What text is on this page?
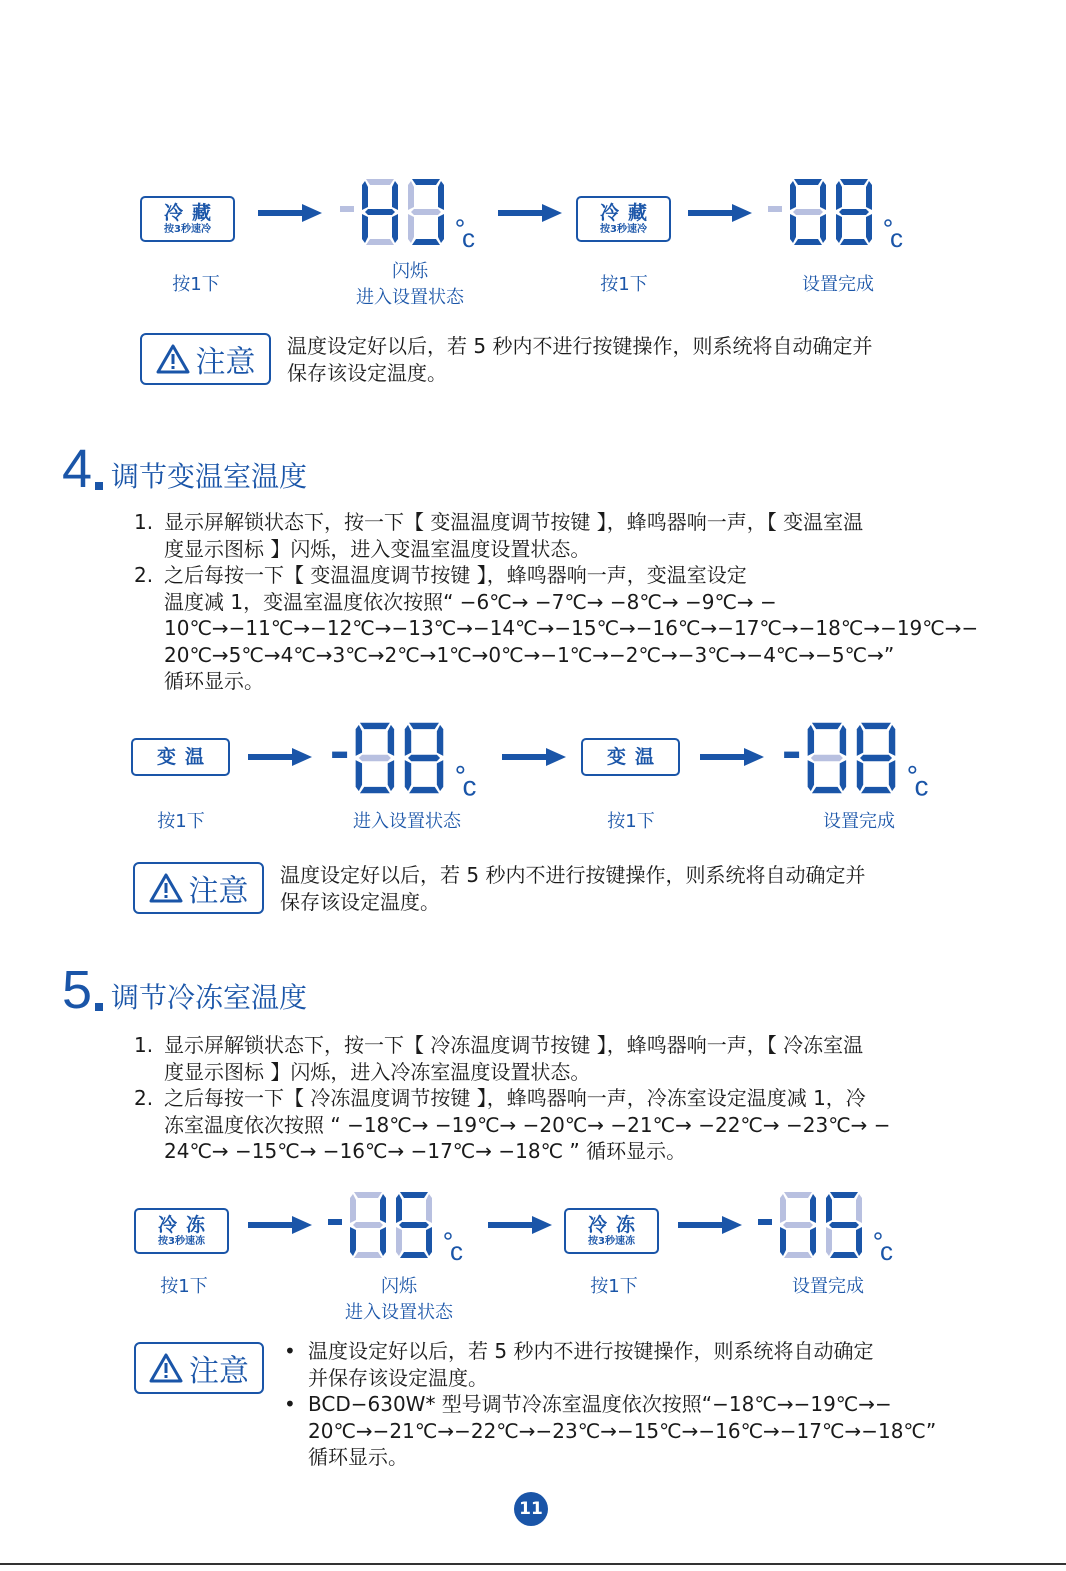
冷藏
按3秒速冷	c
冷藏
按3秒速冷	c
按1下
闪烁
进入设置状态
按1下	设置完成
注意 温度设定好以后，若 5 秒内不进行按键操作，则系统将自动确定并
保存该设定温度。
4 调节变温室温度
1. 显示屏解锁状态下，按一下【 变温温度调节按键 】，蜂鸣器响一声，【 变温室温
度显示图标 】闪烁，进入变温室温度设置状态。
2. 之后每按一下【 变温温度调节按键 】，蜂鸣器响一声，变温室设定
温度减 1，变温室温度依次按照“ −6℃→ −7℃→ −8℃→ −9℃→ −
10℃→−11℃→−12℃→−13℃→−14℃→−15℃→−16℃→−17℃→−18℃→−19℃→−
20℃→5℃→4℃→3℃→2℃→1℃→0℃→−1℃→−2℃→−3℃→−4℃→−5℃→”
循环显示。
变温
c
变温
c
按1下	进入设置状态	按1下	设置完成
注意 温度设定好以后，若 5 秒内不进行按键操作，则系统将自动确定并
保存该设定温度。
5 调节冷冻室温度
1. 显示屏解锁状态下，按一下【 冷冻温度调节按键 】，蜂鸣器响一声，【 冷冻室温
度显示图标 】闪烁，进入冷冻室温度设置状态。
2. 之后每按一下【 冷冻温度调节按键 】，蜂鸣器响一声，冷冻室设定温度减 1，冷
冻室温度依次按照 “ −18℃→ −19℃→ −20℃→ −21℃→ −22℃→ −23℃→ −
24℃→ −15℃→ −16℃→ −17℃→ −18℃ ” 循环显示。
冷冻
按3秒速冻	c
冷冻
按3秒速冻	c
按1下	闪烁
进入设置状态
按1下	设置完成
注意
• 温度设定好以后，若 5 秒内不进行按键操作，则系统将自动确定
并保存该设定温度。
• BCD−630W* 型号调节冷冻室温度依次按照“−18℃→−19℃→−
20℃→−21℃→−22℃→−23℃→−15℃→−16℃→−17℃→−18℃”
循环显示。
11
